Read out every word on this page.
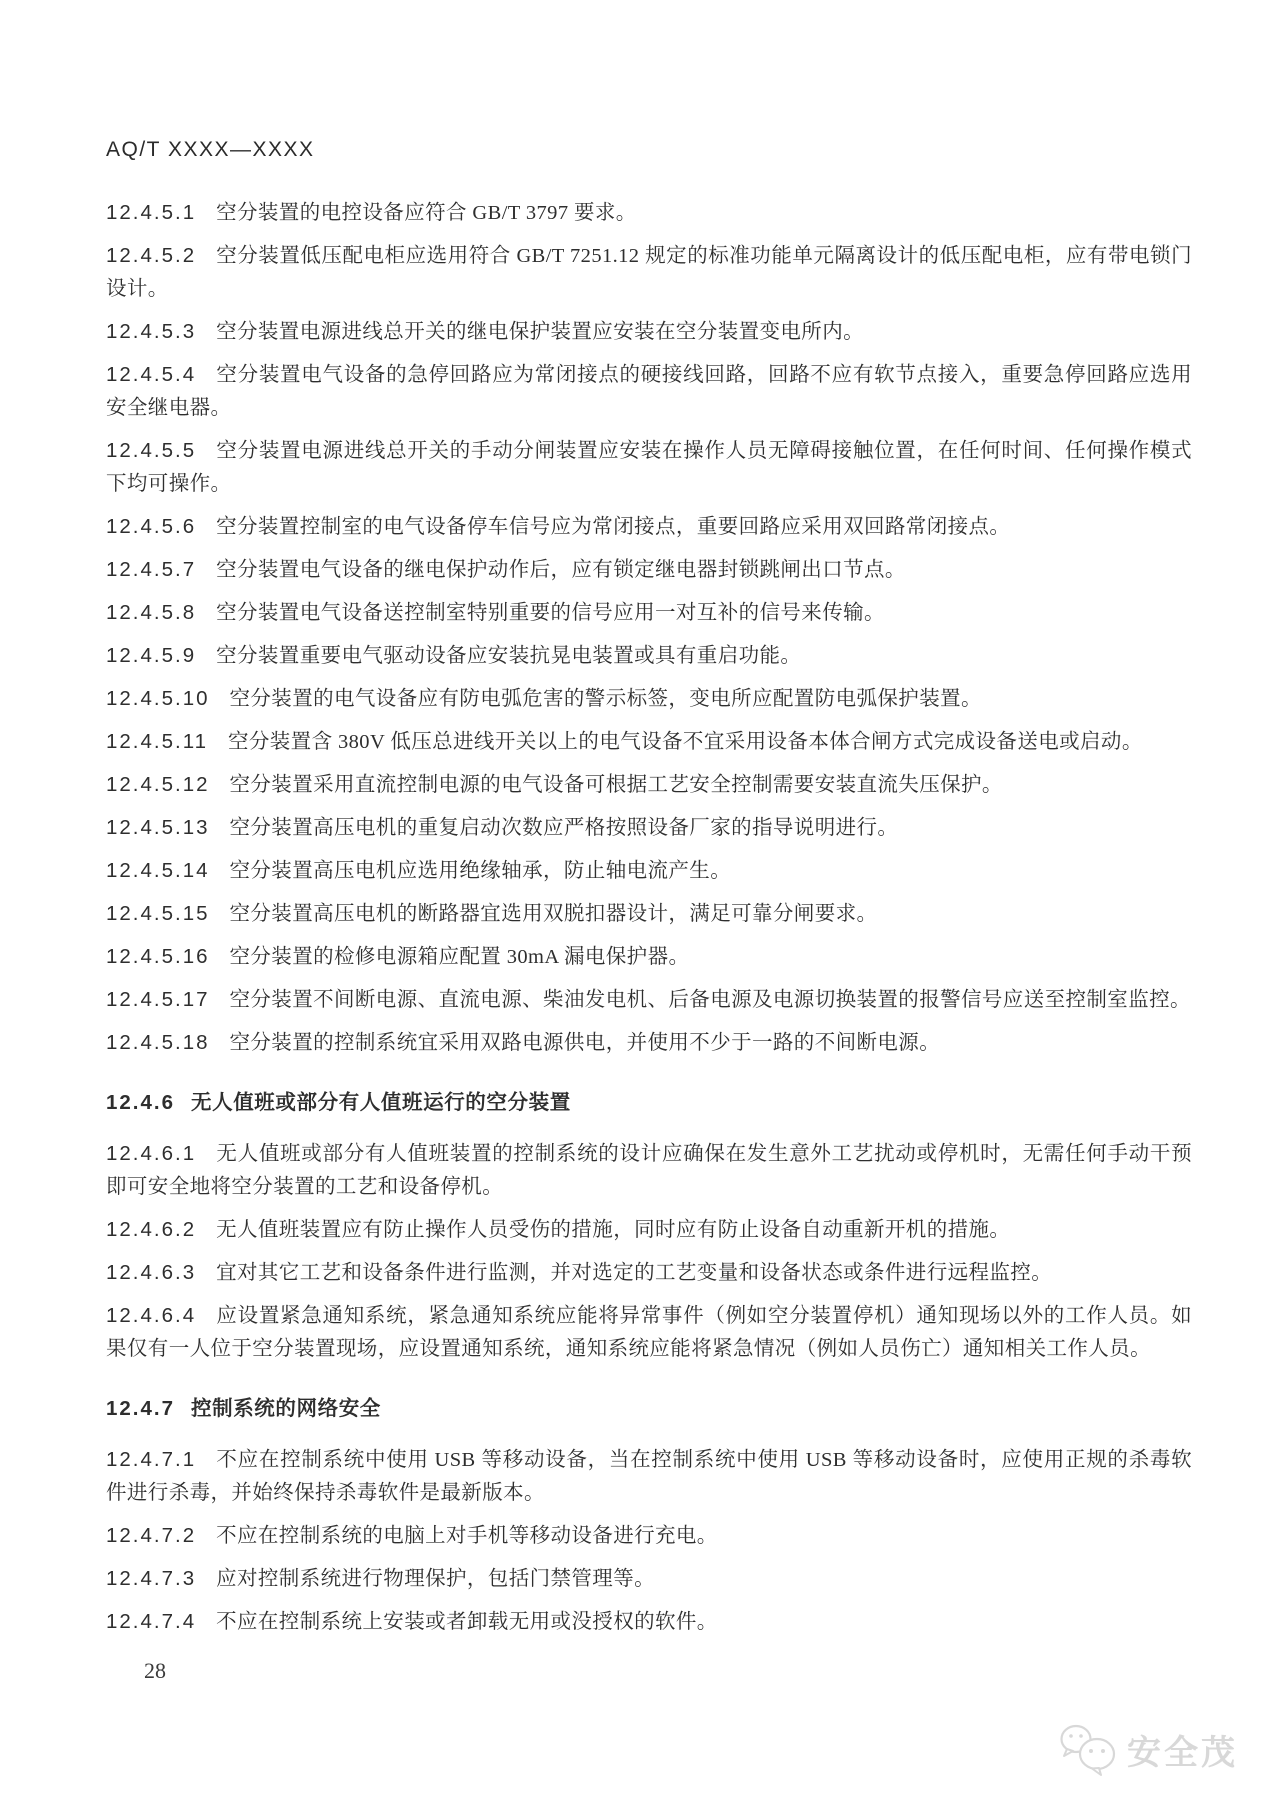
AQ/T XXXX—XXXX

12.4.5.1 空分装置的电控设备应符合 GB/T 3797 要求。

12.4.5.2 空分装置低压配电柜应选用符合 GB/T 7251.12 规定的标准功能单元隔离设计的低压配电柜，应有带电锁门设计。

12.4.5.3 空分装置电源进线总开关的继电保护装置应安装在空分装置变电所内。

12.4.5.4 空分装置电气设备的急停回路应为常闭接点的硬接线回路，回路不应有软节点接入，重要急停回路应选用安全继电器。

12.4.5.5 空分装置电源进线总开关的手动分闸装置应安装在操作人员无障碍接触位置，在任何时间、任何操作模式下均可操作。

12.4.5.6 空分装置控制室的电气设备停车信号应为常闭接点，重要回路应采用双回路常闭接点。

12.4.5.7 空分装置电气设备的继电保护动作后，应有锁定继电器封锁跳闸出口节点。

12.4.5.8 空分装置电气设备送控制室特别重要的信号应用一对互补的信号来传输。

12.4.5.9 空分装置重要电气驱动设备应安装抗晃电装置或具有重启功能。

12.4.5.10 空分装置的电气设备应有防电弧危害的警示标签，变电所应配置防电弧保护装置。

12.4.5.11 空分装置含 380V 低压总进线开关以上的电气设备不宜采用设备本体合闸方式完成设备送电或启动。

12.4.5.12 空分装置采用直流控制电源的电气设备可根据工艺安全控制需要安装直流失压保护。

12.4.5.13 空分装置高压电机的重复启动次数应严格按照设备厂家的指导说明进行。

12.4.5.14 空分装置高压电机应选用绝缘轴承，防止轴电流产生。

12.4.5.15 空分装置高压电机的断路器宜选用双脱扣器设计，满足可靠分闸要求。

12.4.5.16 空分装置的检修电源箱应配置 30mA 漏电保护器。

12.4.5.17 空分装置不间断电源、直流电源、柴油发电机、后备电源及电源切换装置的报警信号应送至控制室监控。

12.4.5.18 空分装置的控制系统宜采用双路电源供电，并使用不少于一路的不间断电源。

12.4.6 无人值班或部分有人值班运行的空分装置

12.4.6.1 无人值班或部分有人值班装置的控制系统的设计应确保在发生意外工艺扰动或停机时，无需任何手动干预即可安全地将空分装置的工艺和设备停机。

12.4.6.2 无人值班装置应有防止操作人员受伤的措施，同时应有防止设备自动重新开机的措施。

12.4.6.3 宜对其它工艺和设备条件进行监测，并对选定的工艺变量和设备状态或条件进行远程监控。

12.4.6.4 应设置紧急通知系统，紧急通知系统应能将异常事件（例如空分装置停机）通知现场以外的工作人员。如果仅有一人位于空分装置现场，应设置通知系统，通知系统应能将紧急情况（例如人员伤亡）通知相关工作人员。

12.4.7 控制系统的网络安全

12.4.7.1 不应在控制系统中使用 USB 等移动设备，当在控制系统中使用 USB 等移动设备时，应使用正规的杀毒软件进行杀毒，并始终保持杀毒软件是最新版本。

12.4.7.2 不应在控制系统的电脑上对手机等移动设备进行充电。

12.4.7.3 应对控制系统进行物理保护，包括门禁管理等。

12.4.7.4 不应在控制系统上安装或者卸载无用或没授权的软件。

28
安全茂
